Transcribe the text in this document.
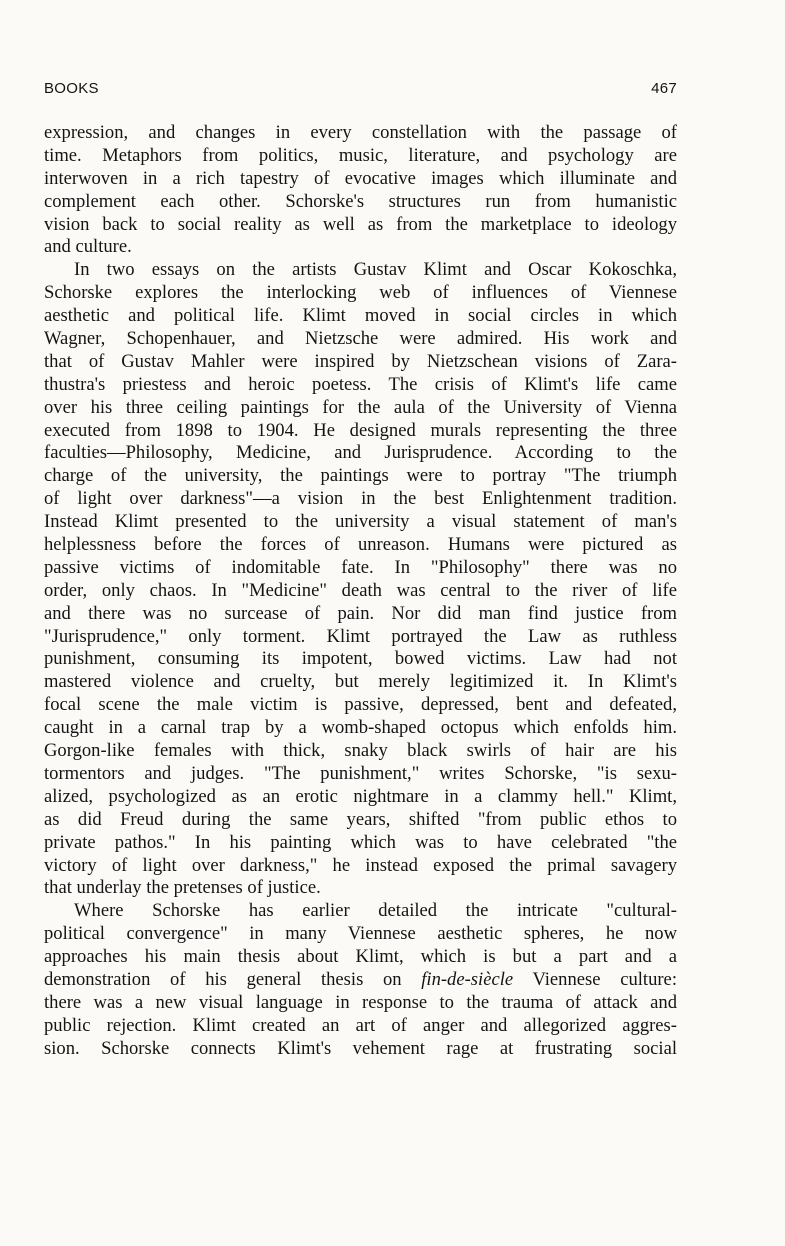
BOOKS	467
expression, and changes in every constellation with the passage of
time. Metaphors from politics, music, literature, and psychology are
interwoven in a rich tapestry of evocative images which illuminate and
complement each other. Schorske's structures run from humanistic
vision back to social reality as well as from the marketplace to ideology
and culture.
In two essays on the artists Gustav Klimt and Oscar Kokoschka,
Schorske explores the interlocking web of influences of Viennese
aesthetic and political life. Klimt moved in social circles in which
Wagner, Schopenhauer, and Nietzsche were admired. His work and
that of Gustav Mahler were inspired by Nietzschean visions of Zara-
thustra's priestess and heroic poetess. The crisis of Klimt's life came
over his three ceiling paintings for the aula of the University of Vienna
executed from 1898 to 1904. He designed murals representing the three
faculties—Philosophy, Medicine, and Jurisprudence. According to the
charge of the university, the paintings were to portray "The triumph
of light over darkness"—a vision in the best Enlightenment tradition.
Instead Klimt presented to the university a visual statement of man's
helplessness before the forces of unreason. Humans were pictured as
passive victims of indomitable fate. In "Philosophy" there was no
order, only chaos. In "Medicine" death was central to the river of life
and there was no surcease of pain. Nor did man find justice from
"Jurisprudence," only torment. Klimt portrayed the Law as ruthless
punishment, consuming its impotent, bowed victims. Law had not
mastered violence and cruelty, but merely legitimized it. In Klimt's
focal scene the male victim is passive, depressed, bent and defeated,
caught in a carnal trap by a womb-shaped octopus which enfolds him.
Gorgon-like females with thick, snaky black swirls of hair are his
tormentors and judges. "The punishment," writes Schorske, "is sexu-
alized, psychologized as an erotic nightmare in a clammy hell." Klimt,
as did Freud during the same years, shifted "from public ethos to
private pathos." In his painting which was to have celebrated "the
victory of light over darkness," he instead exposed the primal savagery
that underlay the pretenses of justice.
Where Schorske has earlier detailed the intricate "cultural-
political convergence" in many Viennese aesthetic spheres, he now
approaches his main thesis about Klimt, which is but a part and a
demonstration of his general thesis on fin-de-siècle Viennese culture:
there was a new visual language in response to the trauma of attack and
public rejection. Klimt created an art of anger and allegorized aggres-
sion. Schorske connects Klimt's vehement rage at frustrating social
